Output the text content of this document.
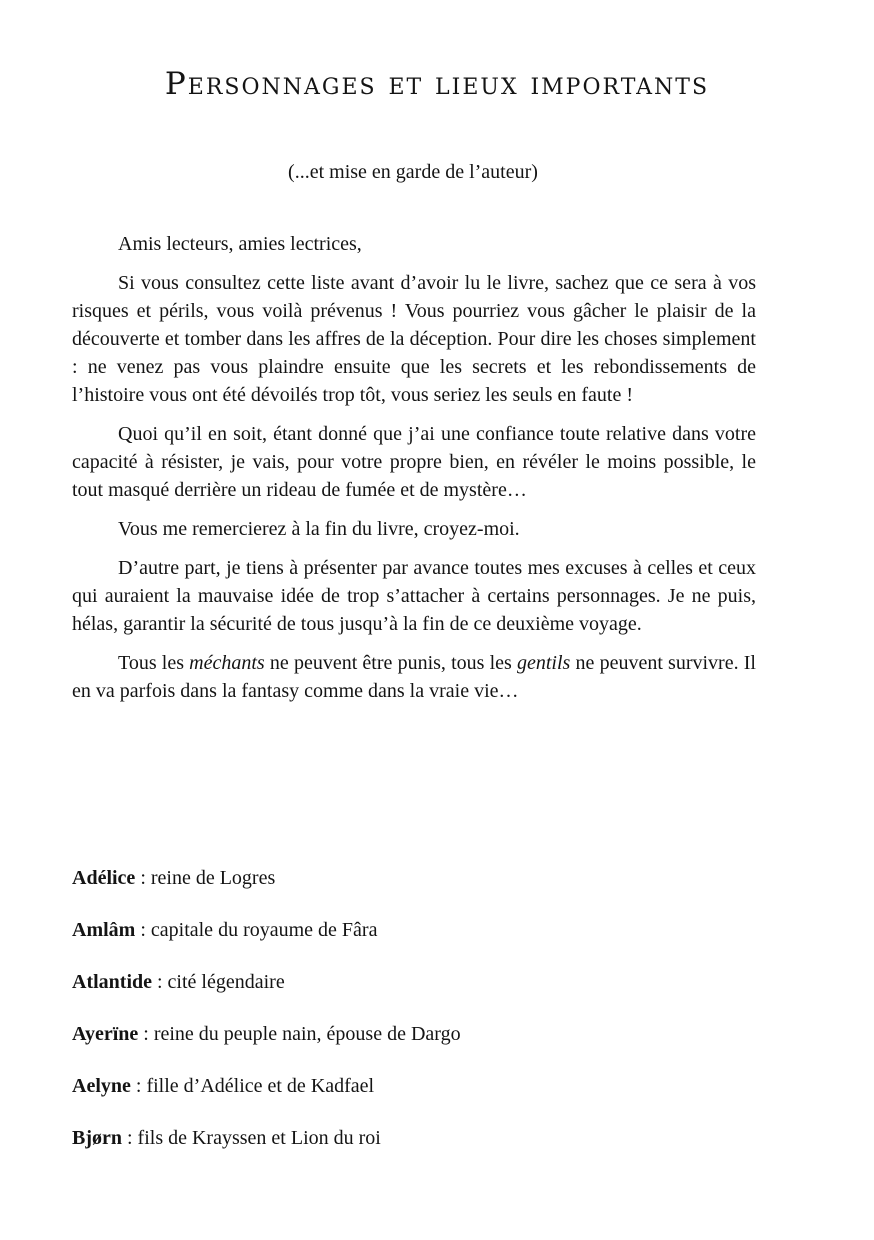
Personnages et lieux importants

(...et mise en garde de l’auteur)

Amis lecteurs, amies lectrices,

Si vous consultez cette liste avant d’avoir lu le livre, sachez que ce sera à vos risques et périls, vous voilà prévenus ! Vous pourriez vous gâcher le plaisir de la découverte et tomber dans les affres de la déception. Pour dire les choses simplement : ne venez pas vous plaindre ensuite que les secrets et les rebondissements de l’histoire vous ont été dévoilés trop tôt, vous seriez les seuls en faute !

Quoi qu’il en soit, étant donné que j’ai une confiance toute relative dans votre capacité à résister, je vais, pour votre propre bien, en révéler le moins possible, le tout masqué derrière un rideau de fumée et de mystère…

Vous me remercierez à la fin du livre, croyez-moi.

D’autre part, je tiens à présenter par avance toutes mes excuses à celles et ceux qui auraient la mauvaise idée de trop s’attacher à certains personnages. Je ne puis, hélas, garantir la sécurité de tous jusqu’à la fin de ce deuxième voyage.

Tous les méchants ne peuvent être punis, tous les gentils ne peuvent survivre. Il en va parfois dans la fantasy comme dans la vraie vie…

Adélice : reine de Logres
Amlâm : capitale du royaume de Fâra
Atlantide : cité légendaire
Ayerïne : reine du peuple nain, épouse de Dargo
Aelyne : fille d’Adélice et de Kadfael
Bjørn : fils de Krayssen et Lion du roi
